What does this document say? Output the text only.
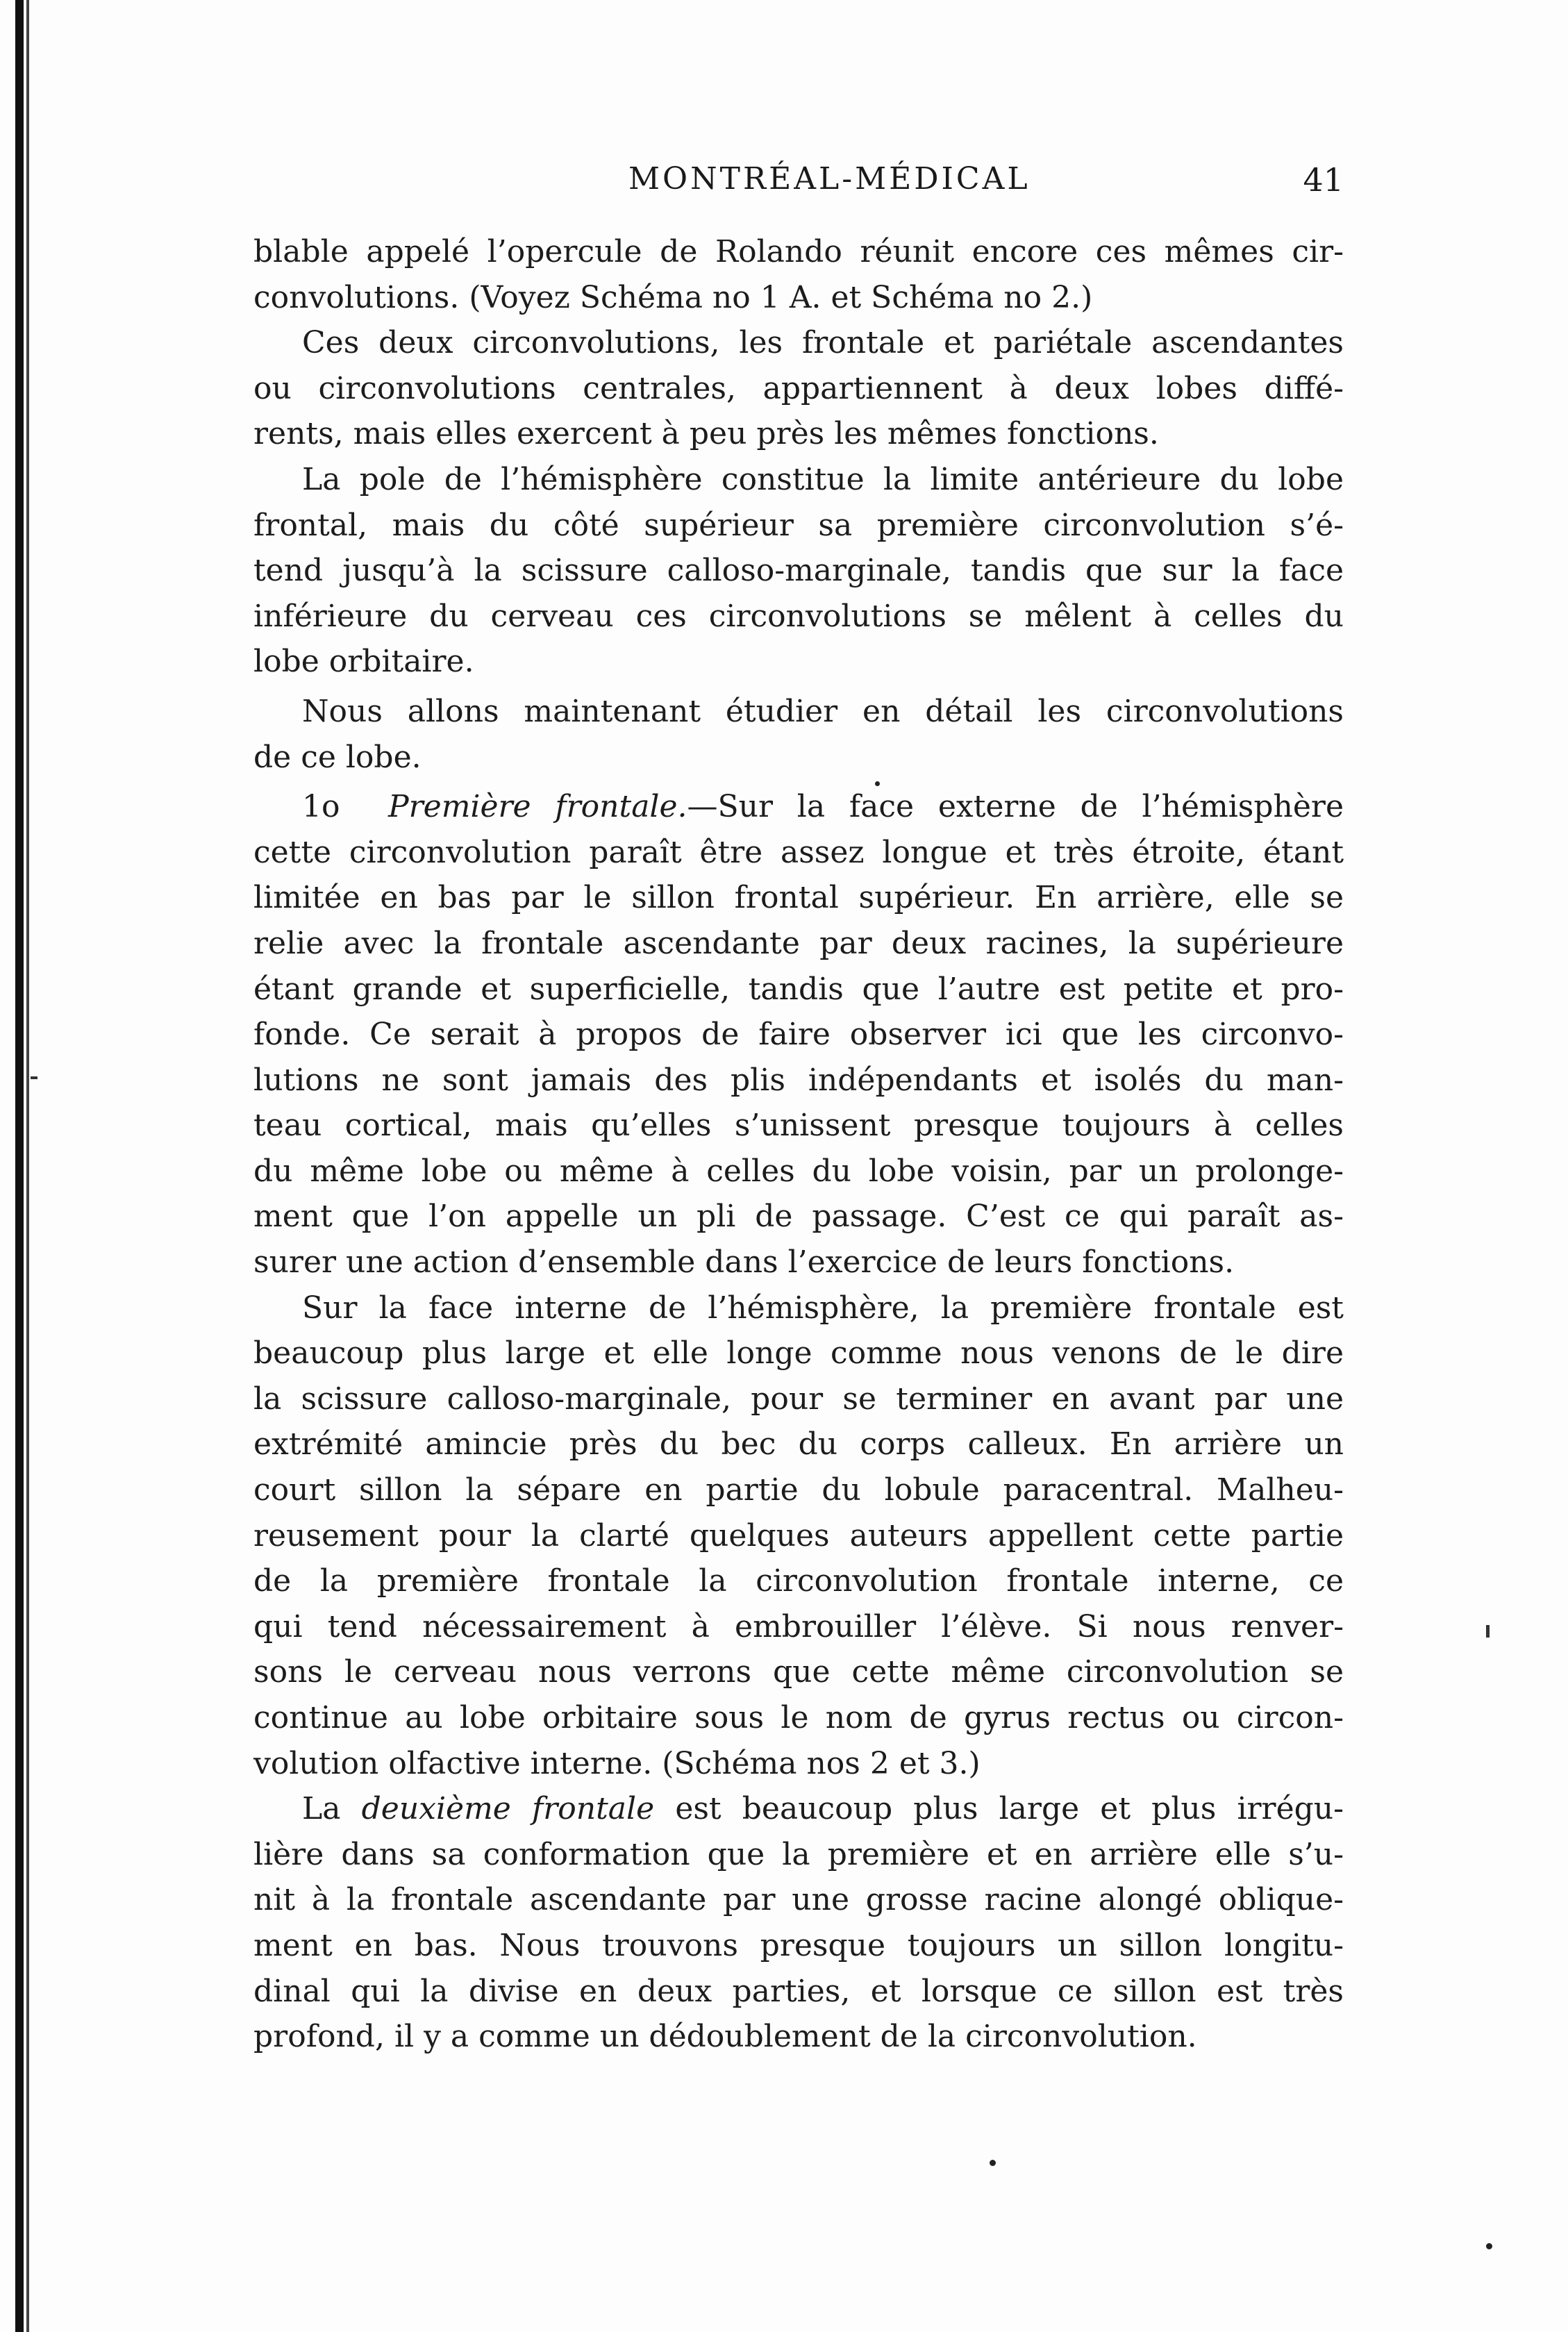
MONTRÉAL-MÉDICAL	41
blable appelé l’opercule de Rolando réunit encore ces mêmes cir-
convolutions. (Voyez Schéma no 1 A. et Schéma no 2.)
Ces deux circonvolutions, les frontale et pariétale ascendantes
ou circonvolutions centrales, appartiennent à deux lobes diffé-
rents, mais elles exercent à peu près les mêmes fonctions.
La pole de l’hémisphère constitue la limite antérieure du lobe
frontal, mais du côté supérieur sa première circonvolution s’é-
tend jusqu’à la scissure calloso-marginale, tandis que sur la face
inférieure du cerveau ces circonvolutions se mêlent à celles du
lobe orbitaire.
Nous allons maintenant étudier en détail les circonvolutions
de ce lobe.
1o Première frontale.—Sur la face externe de l’hémisphère
cette circonvolution paraît être assez longue et très étroite, étant
limitée en bas par le sillon frontal supérieur. En arrière, elle se
relie avec la frontale ascendante par deux racines, la supérieure
étant grande et superficielle, tandis que l’autre est petite et pro-
fonde. Ce serait à propos de faire observer ici que les circonvo-
lutions ne sont jamais des plis indépendants et isolés du man-
teau cortical, mais qu’elles s’unissent presque toujours à celles
du même lobe ou même à celles du lobe voisin, par un prolonge-
ment que l’on appelle un pli de passage. C’est ce qui paraît as-
surer une action d’ensemble dans l’exercice de leurs fonctions.
Sur la face interne de l’hémisphère, la première frontale est
beaucoup plus large et elle longe comme nous venons de le dire
la scissure calloso-marginale, pour se terminer en avant par une
extrémité amincie près du bec du corps calleux. En arrière un
court sillon la sépare en partie du lobule paracentral. Malheu-
reusement pour la clarté quelques auteurs appellent cette partie
de la première frontale la circonvolution frontale interne, ce
qui tend nécessairement à embrouiller l’élève. Si nous renver-
sons le cerveau nous verrons que cette même circonvolution se
continue au lobe orbitaire sous le nom de gyrus rectus ou circon-
volution olfactive interne. (Schéma nos 2 et 3.)
La deuxième frontale est beaucoup plus large et plus irrégu-
lière dans sa conformation que la première et en arrière elle s’u-
nit à la frontale ascendante par une grosse racine alongé oblique-
ment en bas. Nous trouvons presque toujours un sillon longitu-
dinal qui la divise en deux parties, et lorsque ce sillon est très
profond, il y a comme un dédoublement de la circonvolution.
